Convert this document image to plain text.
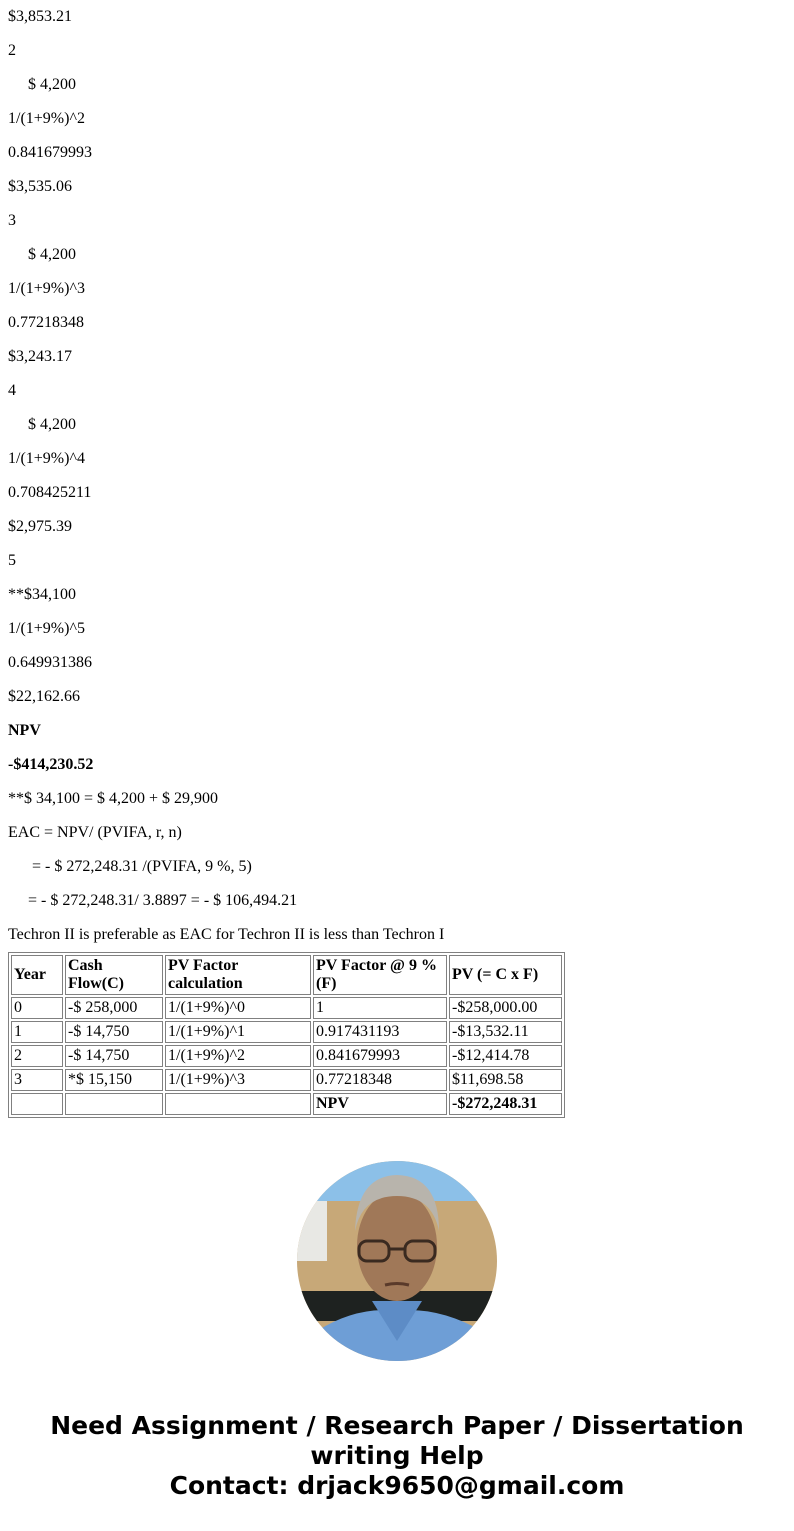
$3,853.21

2

$ 4,200

1/(1+9%)^2

0.841679993

$3,535.06

3

$ 4,200

1/(1+9%)^3

0.77218348

$3,243.17

4

$ 4,200

1/(1+9%)^4

0.708425211

$2,975.39

5

**$34,100

1/(1+9%)^5

0.649931386

$22,162.66

NPV

-$414,230.52

**$ 34,100 = $ 4,200 + $ 29,900

EAC = NPV/ (PVIFA, r, n)

= - $ 272,248.31 /(PVIFA, 9 %, 5)

= - $ 272,248.31/ 3.8897 = - $ 106,494.21

Techron II is preferable as EAC for Techron II is less than Techron I

Year	Cash Flow(C)	PV Factor calculation	PV Factor @ 9 % (F)	PV (= C x F)
0	-$ 258,000	1/(1+9%)^0	1	-$258,000.00
1	-$ 14,750	1/(1+9%)^1	0.917431193	-$13,532.11
2	-$ 14,750	1/(1+9%)^2	0.841679993	-$12,414.78
3	*$ 15,150	1/(1+9%)^3	0.77218348	$11,698.58
			NPV	-$272,248.31
Need Assignment / Research Paper / Dissertation
writing Help
Contact: drjack9650@gmail.com
